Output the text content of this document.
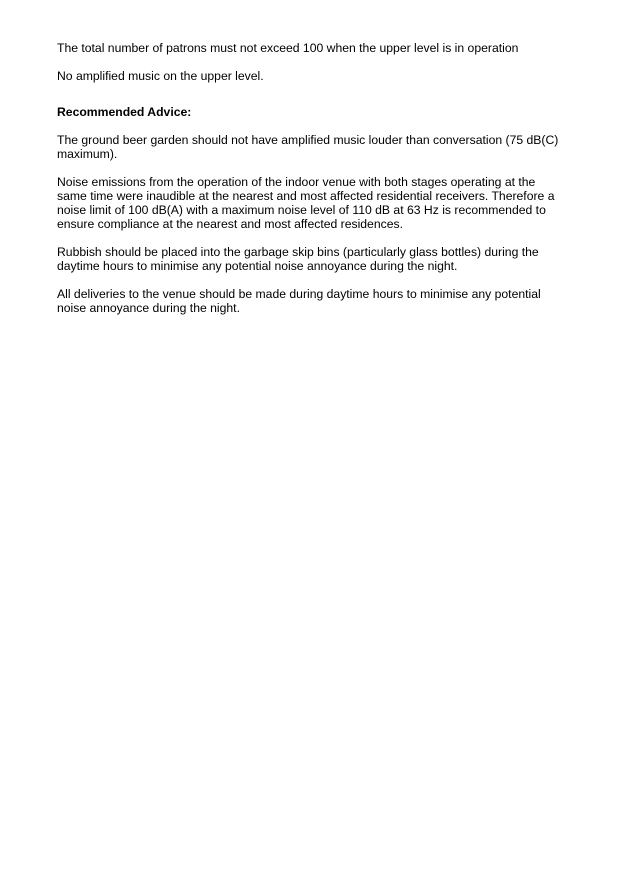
The total number of patrons must not exceed 100 when the upper level is in operation

No amplified music on the upper level.

Recommended Advice:

The ground beer garden should not have amplified music louder than conversation (75 dB(C) maximum).

Noise emissions from the operation of the indoor venue with both stages operating at the same time were inaudible at the nearest and most affected residential receivers. Therefore a noise limit of 100 dB(A) with a maximum noise level of 110 dB at 63 Hz is recommended to ensure compliance at the nearest and most affected residences.

Rubbish should be placed into the garbage skip bins (particularly glass bottles) during the daytime hours to minimise any potential noise annoyance during the night.

All deliveries to the venue should be made during daytime hours to minimise any potential noise annoyance during the night.
